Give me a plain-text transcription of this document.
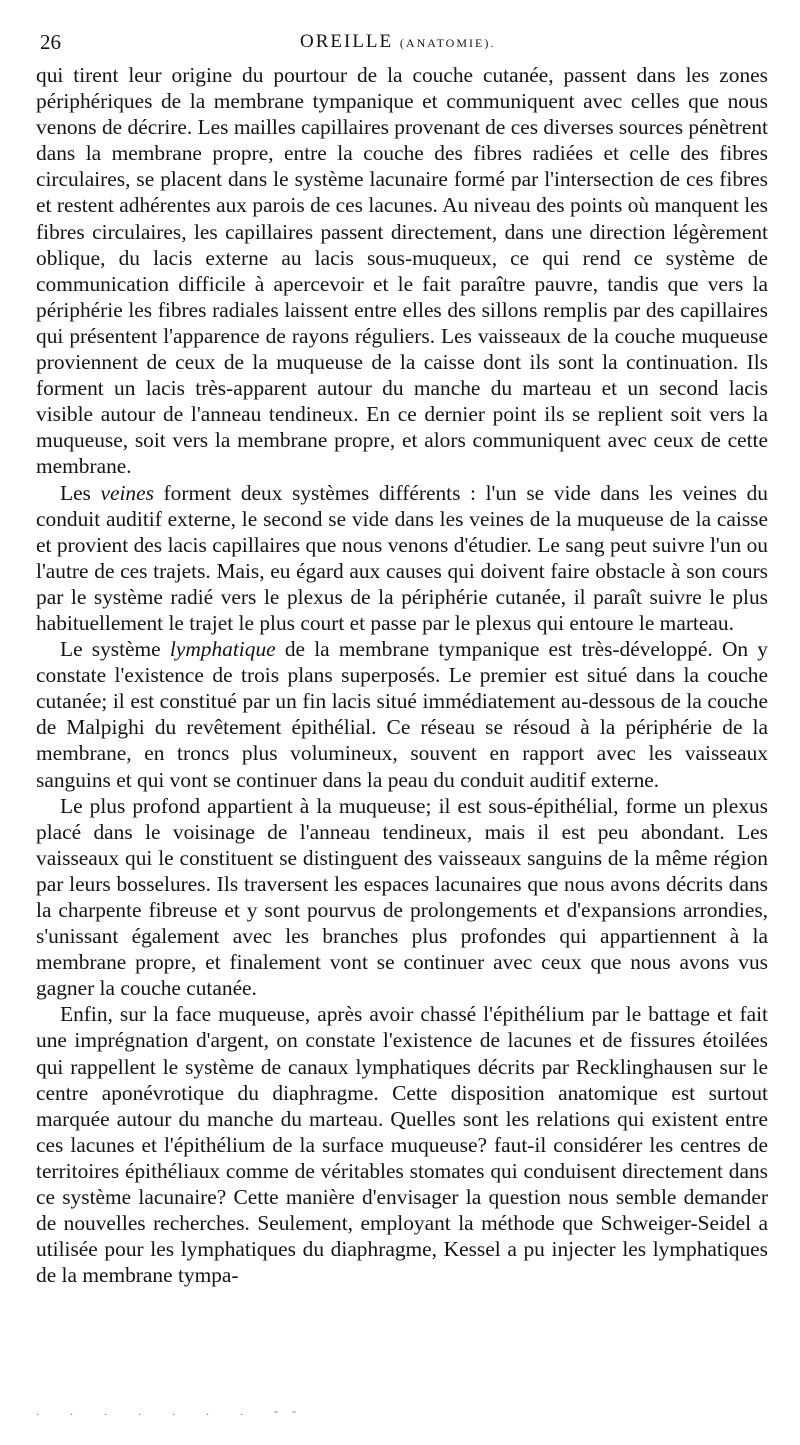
26	OREILLE (ANATOMIE).

qui tirent leur origine du pourtour de la couche cutanée, passent dans les zones périphériques de la membrane tympanique et communiquent avec celles que nous venons de décrire. Les mailles capillaires provenant de ces diverses sources pénètrent dans la membrane propre, entre la couche des fibres radiées et celle des fibres circulaires, se placent dans le système lacunaire formé par l'intersection de ces fibres et restent adhérentes aux parois de ces lacunes. Au niveau des points où manquent les fibres circulaires, les capillaires passent directement, dans une direction légèrement oblique, du lacis externe au lacis sous-muqueux, ce qui rend ce système de communication difficile à apercevoir et le fait paraître pauvre, tandis que vers la périphérie les fibres radiales laissent entre elles des sillons remplis par des capillaires qui présentent l'apparence de rayons réguliers. Les vaisseaux de la couche muqueuse proviennent de ceux de la muqueuse de la caisse dont ils sont la continuation. Ils forment un lacis très-apparent autour du manche du marteau et un second lacis visible autour de l'anneau tendineux. En ce dernier point ils se replient soit vers la muqueuse, soit vers la membrane propre, et alors communiquent avec ceux de cette membrane.

Les veines forment deux systèmes différents : l'un se vide dans les veines du conduit auditif externe, le second se vide dans les veines de la muqueuse de la caisse et provient des lacis capillaires que nous venons d'étudier. Le sang peut suivre l'un ou l'autre de ces trajets. Mais, eu égard aux causes qui doivent faire obstacle à son cours par le système radié vers le plexus de la périphérie cutanée, il paraît suivre le plus habituellement le trajet le plus court et passe par le plexus qui entoure le marteau.

Le système lymphatique de la membrane tympanique est très-développé. On y constate l'existence de trois plans superposés. Le premier est situé dans la couche cutanée; il est constitué par un fin lacis situé immédiatement au-dessous de la couche de Malpighi du revêtement épithélial. Ce réseau se résoud à la périphérie de la membrane, en troncs plus volumineux, souvent en rapport avec les vaisseaux sanguins et qui vont se continuer dans la peau du conduit auditif externe.

Le plus profond appartient à la muqueuse; il est sous-épithélial, forme un plexus placé dans le voisinage de l'anneau tendineux, mais il est peu abondant. Les vaisseaux qui le constituent se distinguent des vaisseaux sanguins de la même région par leurs bosselures. Ils traversent les espaces lacunaires que nous avons décrits dans la charpente fibreuse et y sont pourvus de prolongements et d'expansions arrondies, s'unissant également avec les branches plus profondes qui appartiennent à la membrane propre, et finalement vont se continuer avec ceux que nous avons vus gagner la couche cutanée.

Enfin, sur la face muqueuse, après avoir chassé l'épithélium par le battage et fait une imprégnation d'argent, on constate l'existence de lacunes et de fissures étoilées qui rappellent le système de canaux lymphatiques décrits par Recklinghausen sur le centre aponévrotique du diaphragme. Cette disposition anatomique est surtout marquée autour du manche du marteau. Quelles sont les relations qui existent entre ces lacunes et l'épithélium de la surface muqueuse? faut-il considérer les centres de territoires épithéliaux comme de véritables stomates qui conduisent directement dans ce système lacunaire? Cette manière d'envisager la question nous semble demander de nouvelles recherches. Seulement, employant la méthode que Schweiger-Seidel a utilisée pour les lymphatiques du diaphragme, Kessel a pu injecter les lymphatiques de la membrane tympa-

. . . . . . . --
